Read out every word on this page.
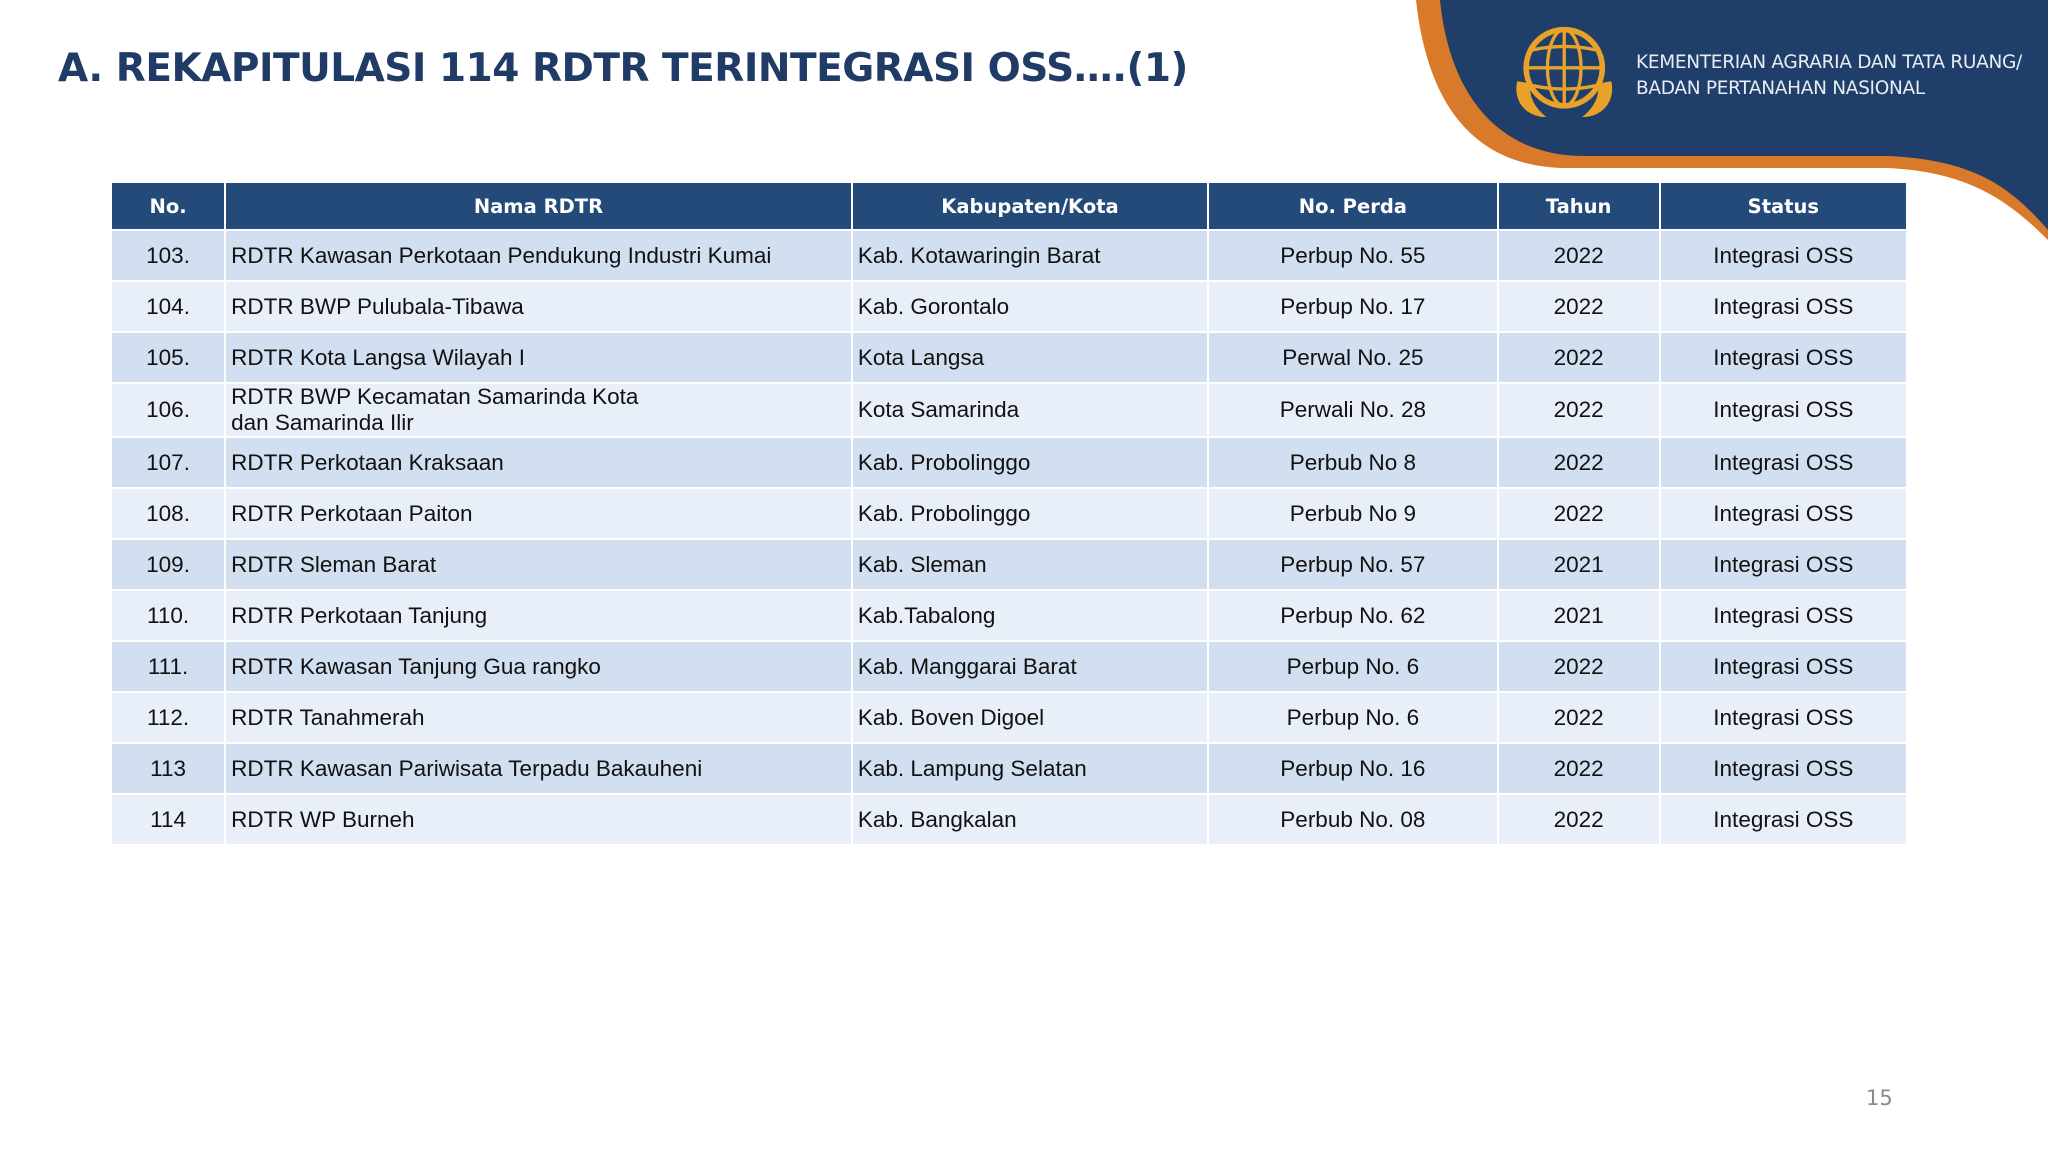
KEMENTERIAN AGRARIA DAN TATA RUANG/
BADAN PERTANAHAN NASIONAL
A. REKAPITULASI 114 RDTR TERINTEGRASI OSS….(1)
No.	Nama RDTR	Kabupaten/Kota	No. Perda	Tahun	Status
103.	RDTR Kawasan Perkotaan Pendukung Industri Kumai	Kab. Kotawaringin Barat	Perbup No. 55	2022	Integrasi OSS
104.	RDTR BWP Pulubala-Tibawa	Kab. Gorontalo	Perbup No. 17	2022	Integrasi OSS
105.	RDTR Kota Langsa Wilayah I	Kota Langsa	Perwal No. 25	2022	Integrasi OSS
106.	RDTR BWP Kecamatan Samarinda Kota
dan Samarinda Ilir	Kota Samarinda	Perwali No. 28	2022	Integrasi OSS
107.	RDTR Perkotaan Kraksaan	Kab. Probolinggo	Perbub No 8	2022	Integrasi OSS
108.	RDTR Perkotaan Paiton	Kab. Probolinggo	Perbub No 9	2022	Integrasi OSS
109.	RDTR Sleman Barat	Kab. Sleman	Perbup No. 57	2021	Integrasi OSS
110.	RDTR Perkotaan Tanjung	Kab.Tabalong	Perbup No. 62	2021	Integrasi OSS
111.	RDTR Kawasan Tanjung Gua rangko	Kab. Manggarai Barat	Perbup No. 6	2022	Integrasi OSS
112.	RDTR Tanahmerah	Kab. Boven Digoel	Perbup No. 6	2022	Integrasi OSS
113	RDTR Kawasan Pariwisata Terpadu Bakauheni	Kab. Lampung Selatan	Perbup No. 16	2022	Integrasi OSS
114	RDTR WP Burneh	Kab. Bangkalan	Perbub No. 08	2022	Integrasi OSS
15
